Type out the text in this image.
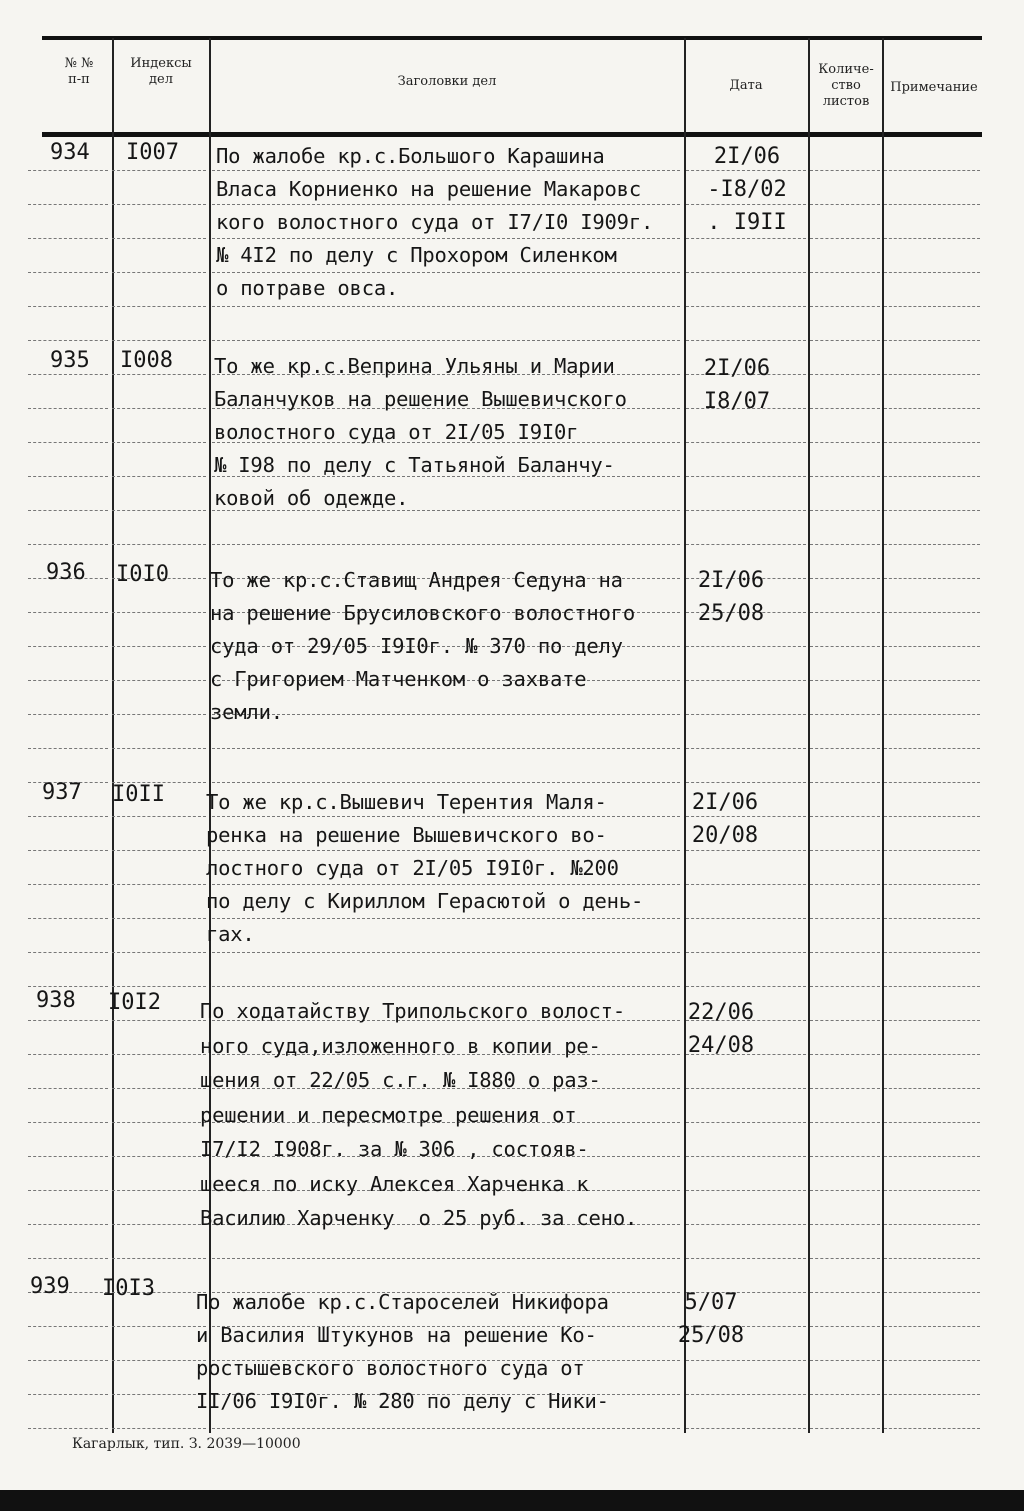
№ №
п-п
Индексы
дел	Заголовки дел	Дата
Количе-
ство
листов
Примечание
934 I007 По жалобе кр.с.Большого Карашина
Власа Корниенко на решение Макаровс
кого волостного суда от I7/I0 I909г.
№ 4I2 по делу с Прохором Силенком
о потраве овса.
2I/06
-I8/02
. I9II
935 I008 То же кр.с.Веприна Ульяны и Марии
Баланчуков на решение Вышевичского
волостного суда от 2I/05 I9I0г
№ I98 по делу с Татьяной Баланчу-
ковой об одежде.
2I/06
I8/07
936 I0I0 То же кр.с.Ставищ Андрея Седуна на
на решение Брусиловского волостного
суда от 29/05 I9I0г. № 370 по делу
с Григорием Матченком о захвате
земли.
2I/06
25/08
937 I0II То же кр.с.Вышевич Терентия Маля-
ренка на решение Вышевичского во-
лостного суда от 2I/05 I9I0г. №200
по делу с Кириллом Герасютой о день-
гах.
2I/06
20/08
938 I0I2 По ходатайству Трипольского волост-
ного суда,изложенного в копии ре-
шения от 22/05 с.г. № I880 о раз-
решении и пересмотре решения от
I7/I2 I908г. за № 306 , состояв-
шееся по иску Алексея Харченка к
Василию Харченку  о 25 руб. за сено.
22/06
24/08
939 I0I3
По жалобе кр.с.Староселей Никифора
и Василия Штукунов на решение Ко-
ростышевского волостного суда от
II/06 I9I0г. № 280 по делу с Ники-
5/07
25/08
Кагарлык, тип. З. 2039—10000
